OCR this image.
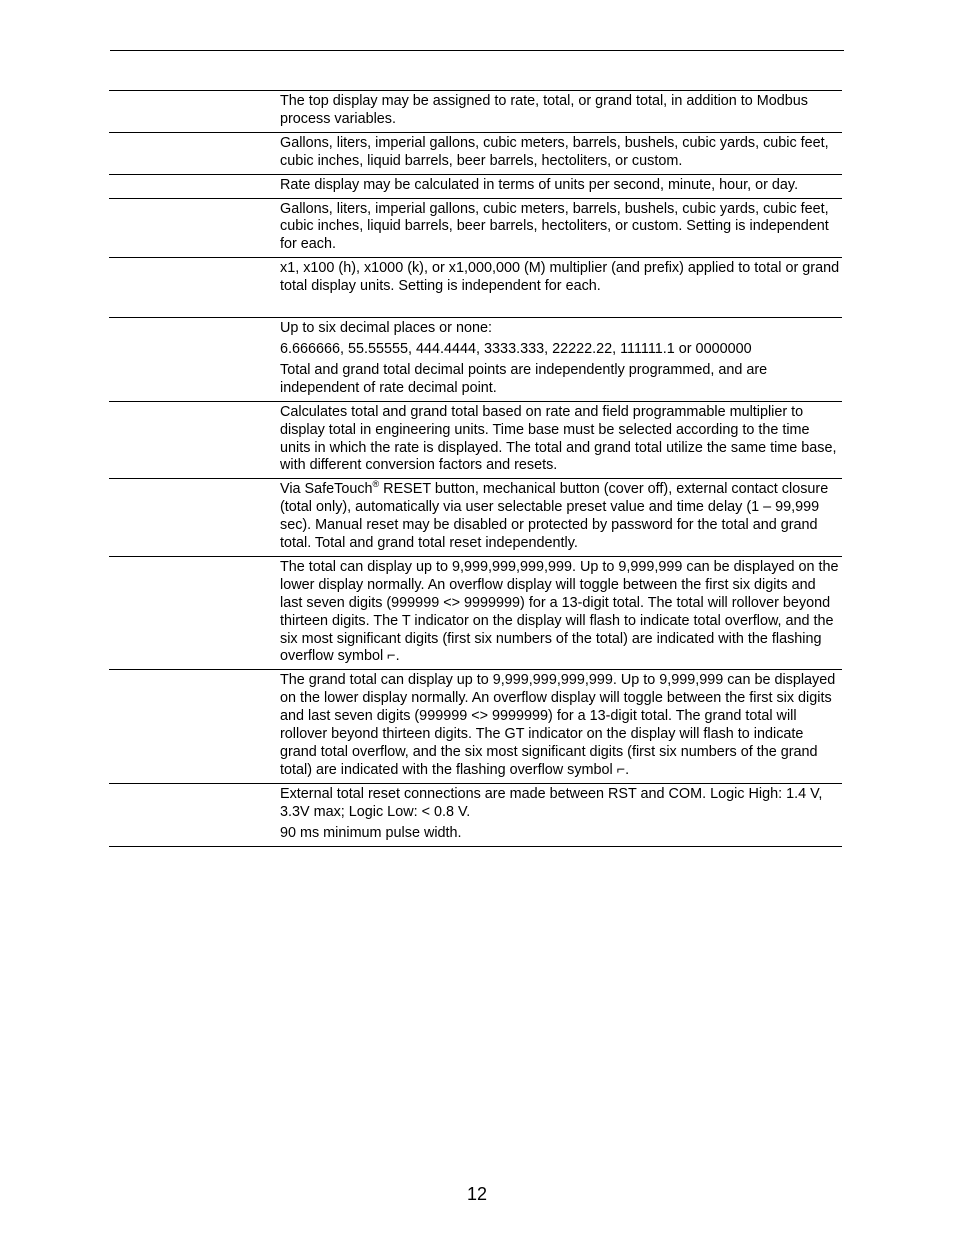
	The top display may be assigned to rate, total, or grand total, in addition to Modbus process variables.

	Gallons, liters, imperial gallons, cubic meters, barrels, bushels, cubic yards, cubic feet, cubic inches, liquid barrels, beer barrels, hectoliters, or custom.

	Rate display may be calculated in terms of units per second, minute, hour, or day.

	Gallons, liters, imperial gallons, cubic meters, barrels, bushels, cubic yards, cubic feet, cubic inches, liquid barrels, beer barrels, hectoliters, or custom. Setting is independent for each.

	x1, x100 (h), x1000 (k), or x1,000,000 (M) multiplier (and prefix) applied to total or grand total display units. Setting is independent for each.

	Up to six decimal places or none:

6.666666, 55.55555, 444.4444, 3333.333, 22222.22, 111111.1 or 0000000

Total and grand total decimal points are independently programmed, and are independent of rate decimal point.

	Calculates total and grand total based on rate and field programmable multiplier to display total in engineering units. Time base must be selected according to the time units in which the rate is displayed. The total and grand total utilize the same time base, with different conversion factors and resets.

	Via SafeTouch® RESET button, mechanical button (cover off), external contact closure (total only), automatically via user selectable preset value and time delay (1 – 99,999 sec). Manual reset may be disabled or protected by password for the total and grand total. Total and grand total reset independently.

	The total can display up to 9,999,999,999,999. Up to 9,999,999 can be displayed on the lower display normally. An overflow display will toggle between the first six digits and last seven digits (999999 <> 9999999) for a 13-digit total. The total will rollover beyond thirteen digits. The T indicator on the display will flash to indicate total overflow, and the six most significant digits (first six numbers of the total) are indicated with the flashing overflow symbol ⌐.

	The grand total can display up to 9,999,999,999,999. Up to 9,999,999 can be displayed on the lower display normally. An overflow display will toggle between the first six digits and last seven digits (999999 <> 9999999) for a 13-digit total. The grand total will rollover beyond thirteen digits. The GT indicator on the display will flash to indicate grand total overflow, and the six most significant digits (first six numbers of the grand total) are indicated with the flashing overflow symbol ⌐.

	External total reset connections are made between RST and COM. Logic High: 1.4 V, 3.3V max; Logic Low: < 0.8 V.

90 ms minimum pulse width.

12
